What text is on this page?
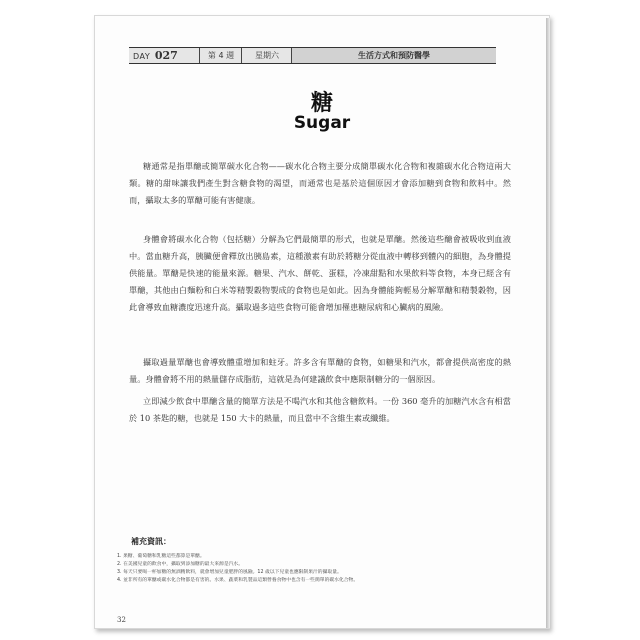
DAY 027	第 4 週	星期六	生活方式和預防醫學
糖
Sugar

糖通常是指單醣或簡單碳水化合物——碳水化合物主要分成簡單碳水化合物和複雜碳水化合物這兩大類。糖的甜味讓我們產生對含糖食物的渴望，而通常也是基於這個原因才會添加糖到食物和飲料中。然而，攝取太多的單醣可能有害健康。

身體會將碳水化合物（包括糖）分解為它們最簡單的形式，也就是單醣。然後這些醣會被吸收到血液中。當血糖升高，胰臟便會釋放出胰島素，這種激素有助於將糖分從血液中轉移到體內的細胞，為身體提供能量。單醣是快速的能量來源。糖果、汽水、餅乾、蛋糕，冷凍甜點和水果飲料等食物，本身已經含有單醣，其他由白麵粉和白米等精製穀物製成的食物也是如此。因為身體能夠輕易分解單醣和精製穀物，因此會導致血糖濃度迅速升高。攝取過多這些食物可能會增加罹患糖尿病和心臟病的風險。

攝取過量單醣也會導致體重增加和蛀牙。許多含有單醣的食物，如糖果和汽水，都會提供高密度的熱量。身體會將不用的熱量儲存成脂肪，這就是為何建議飲食中應限制糖分的一個原因。

立即減少飲食中單醣含量的簡單方法是不喝汽水和其他含糖飲料。一份 360 毫升的加糖汽水含有相當於 10 茶匙的糖，也就是 150 大卡的熱量，而且當中不含維生素或纖維。

補充資訊：
1. 果糖、葡萄糖和乳糖這些都算是單醣。
2. 在美國兒童的飲食中，攝取到添加糖的最大來源是汽水。
3. 每天只要喝一杯加糖的無酒精飲料，就會增加兒童肥胖的風險。12 歲以下兒童也應限制果汁的攝取量。
4. 並非所有的單醣或碳水化合物都是有害的。水果、蔬菜和乳製品這類營養食物中也含有一些簡單的碳水化合物。
32
